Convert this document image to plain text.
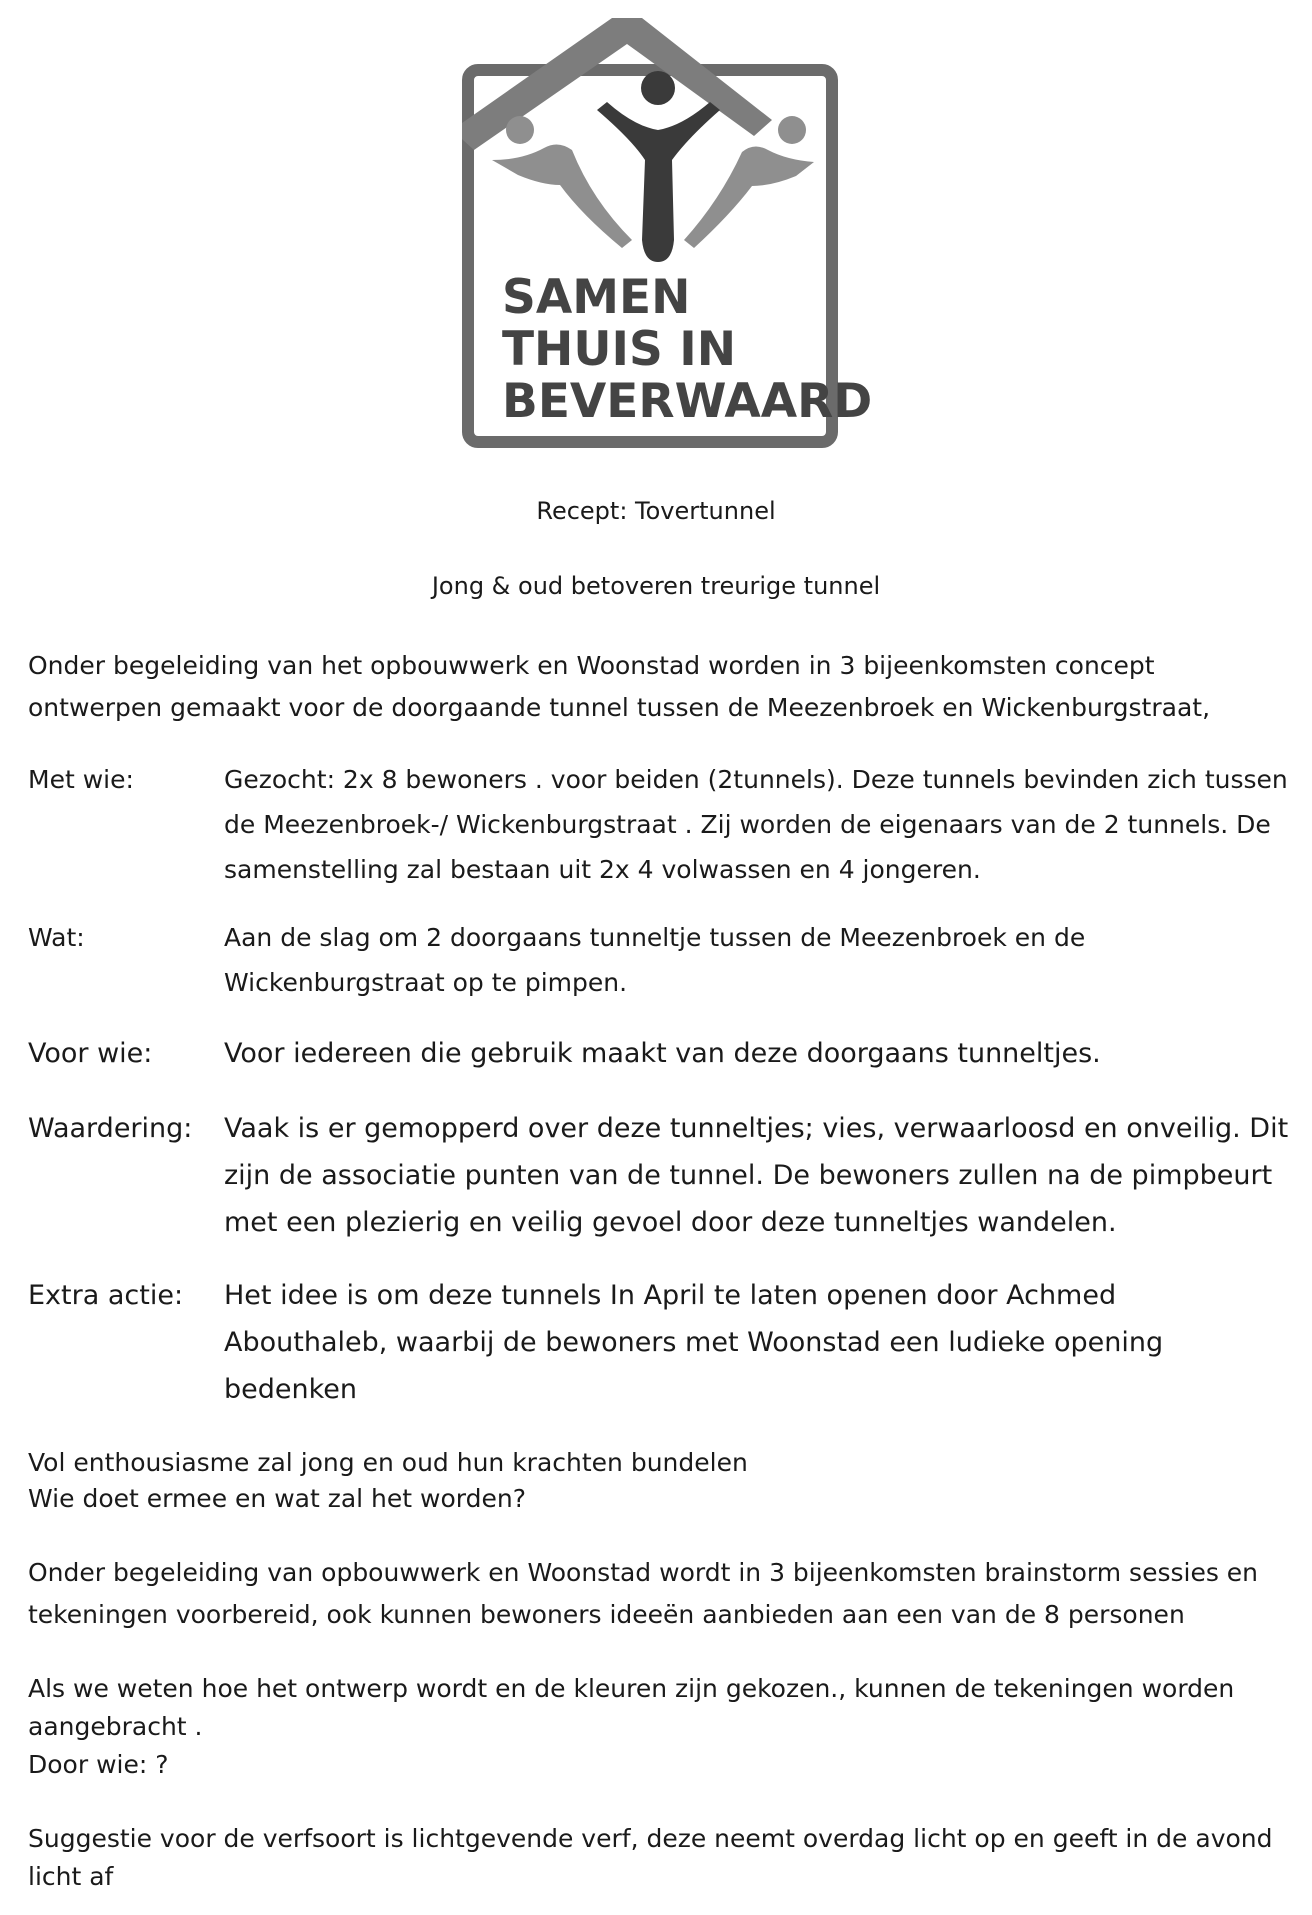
SAMEN
THUIS IN
BEVERWAARD
Recept: Tovertunnel
Jong & oud betoveren treurige tunnel
Onder begeleiding van het opbouwwerk en Woonstad worden in 3 bijeenkomsten concept
ontwerpen gemaakt voor de doorgaande tunnel tussen de Meezenbroek en Wickenburgstraat,
Met wie:	Gezocht: 2x 8 bewoners . voor beiden (2tunnels). Deze tunnels bevinden zich tussen
de Meezenbroek-/ Wickenburgstraat . Zij worden de eigenaars van de 2 tunnels. De
samenstelling zal bestaan uit 2x 4 volwassen en 4 jongeren.
Wat:	Aan de slag om 2 doorgaans tunneltje tussen de Meezenbroek en de
Wickenburgstraat op te pimpen.
Voor wie:	Voor iedereen die gebruik maakt van deze doorgaans tunneltjes.
Waardering: Vaak is er gemopperd over deze tunneltjes; vies, verwaarloosd en onveilig. Dit
zijn de associatie punten van de tunnel. De bewoners zullen na de pimpbeurt
met een plezierig en veilig gevoel door deze tunneltjes wandelen.
Extra actie: Het idee is om deze tunnels In April te laten openen door Achmed
Abouthaleb, waarbij de bewoners met Woonstad een ludieke opening
bedenken
Vol enthousiasme zal jong en oud hun krachten bundelen
Wie doet ermee en wat zal het worden?
Onder begeleiding van opbouwwerk en Woonstad wordt in 3 bijeenkomsten brainstorm sessies en
tekeningen voorbereid, ook kunnen bewoners ideeën aanbieden aan een van de 8 personen
Als we weten hoe het ontwerp wordt en de kleuren zijn gekozen., kunnen de tekeningen worden
aangebracht .
Door wie: ?
Suggestie voor de verfsoort is lichtgevende verf, deze neemt overdag licht op en geeft in de avond
licht af
